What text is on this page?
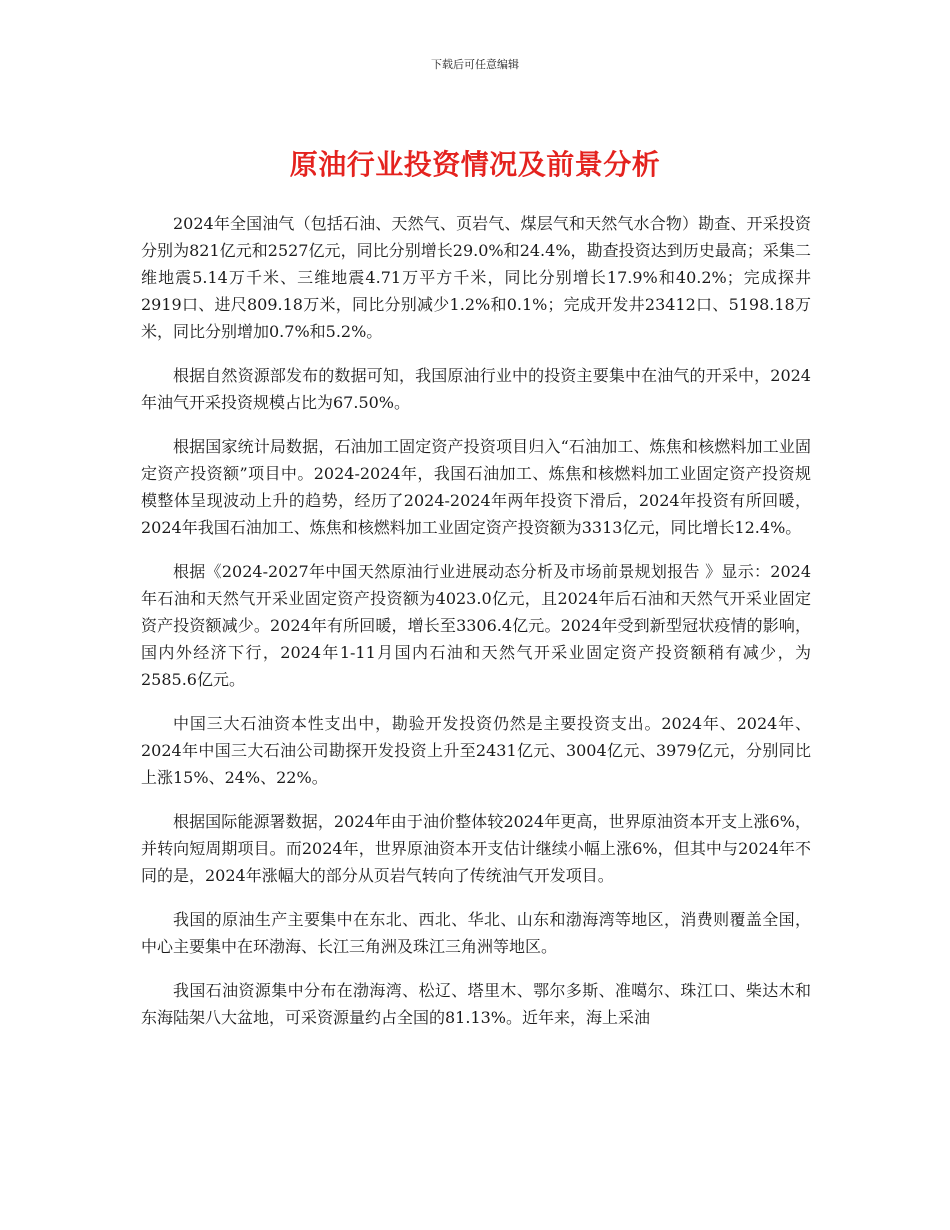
下载后可任意编辑
原油行业投资情况及前景分析

2024年全国油气（包括石油、天然气、页岩气、煤层气和天然气水合物）勘查、开采投资分别为821亿元和2527亿元，同比分别增长29.0%和24.4%，勘查投资达到历史最高；采集二维地震5.14万千米、三维地震4.71万平方千米，同比分别增长17.9%和40.2%；完成探井2919口、进尺809.18万米，同比分别减少1.2%和0.1%；完成开发井23412口、5198.18万米，同比分别增加0.7%和5.2%。

根据自然资源部发布的数据可知，我国原油行业中的投资主要集中在油气的开采中，2024年油气开采投资规模占比为67.50%。

根据国家统计局数据，石油加工固定资产投资项目归入“石油加工、炼焦和核燃料加工业固定资产投资额”项目中。2024-2024年，我国石油加工、炼焦和核燃料加工业固定资产投资规模整体呈现波动上升的趋势，经历了2024-2024年两年投资下滑后，2024年投资有所回暖，2024年我国石油加工、炼焦和核燃料加工业固定资产投资额为3313亿元，同比增长12.4%。

根据《2024-2027年中国天然原油行业进展动态分析及市场前景规划报告 》显示：2024年石油和天然气开采业固定资产投资额为4023.0亿元，且2024年后石油和天然气开采业固定资产投资额减少。2024年有所回暖，增长至3306.4亿元。2024年受到新型冠状疫情的影响，国内外经济下行，2024年1-11月国内石油和天然气开采业固定资产投资额稍有减少，为2585.6亿元。

中国三大石油资本性支出中，勘验开发投资仍然是主要投资支出。2024年、2024年、2024年中国三大石油公司勘探开发投资上升至2431亿元、3004亿元、3979亿元，分别同比上涨15%、24%、22%。

根据国际能源署数据，2024年由于油价整体较2024年更高，世界原油资本开支上涨6%，并转向短周期项目。而2024年，世界原油资本开支估计继续小幅上涨6%，但其中与2024年不同的是，2024年涨幅大的部分从页岩气转向了传统油气开发项目。

我国的原油生产主要集中在东北、西北、华北、山东和渤海湾等地区，消费则覆盖全国，中心主要集中在环渤海、长江三角洲及珠江三角洲等地区。

我国石油资源集中分布在渤海湾、松辽、塔里木、鄂尔多斯、准噶尔、珠江口、柴达木和东海陆架八大盆地，可采资源量约占全国的81.13%。近年来，海上采油
